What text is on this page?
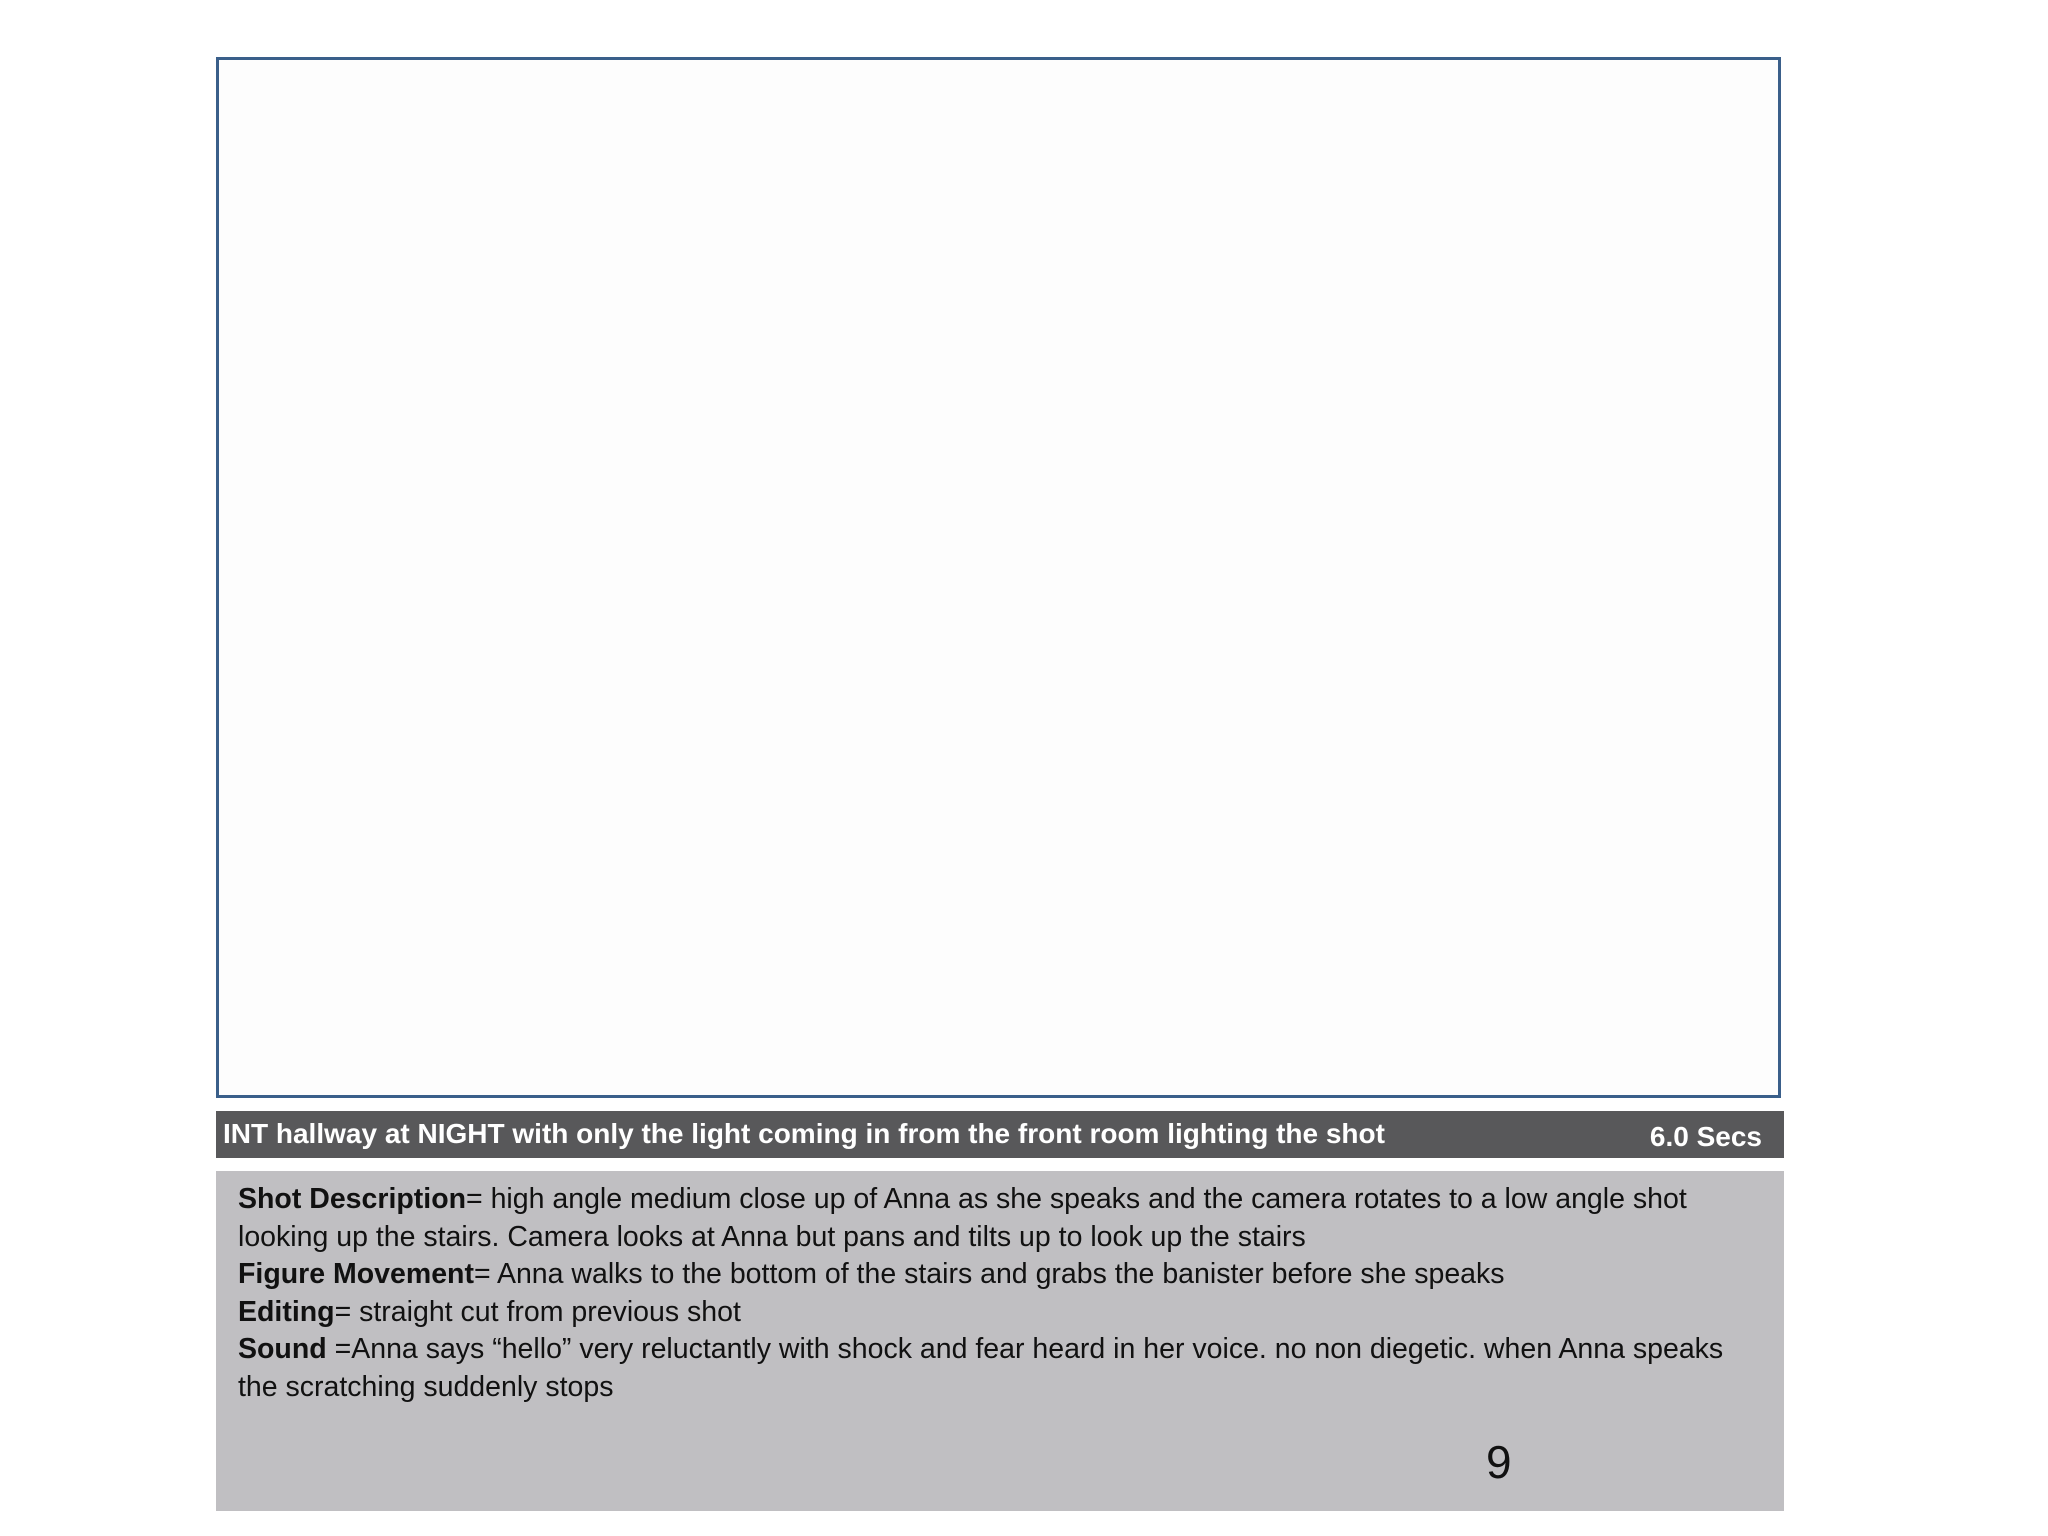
INT hallway at NIGHT with only the light coming in from the front room lighting the shot	6.0 Secs

Shot Description= high angle medium close up of Anna as she speaks and the camera rotates to a low angle shot looking up the stairs. Camera looks at Anna but pans and tilts up to look up the stairs

Figure Movement= Anna walks to the bottom of the stairs and grabs the banister before she speaks

Editing= straight cut from previous shot

Sound =Anna says “hello” very reluctantly with shock and fear heard in her voice. no non diegetic. when Anna speaks the scratching suddenly stops

9
